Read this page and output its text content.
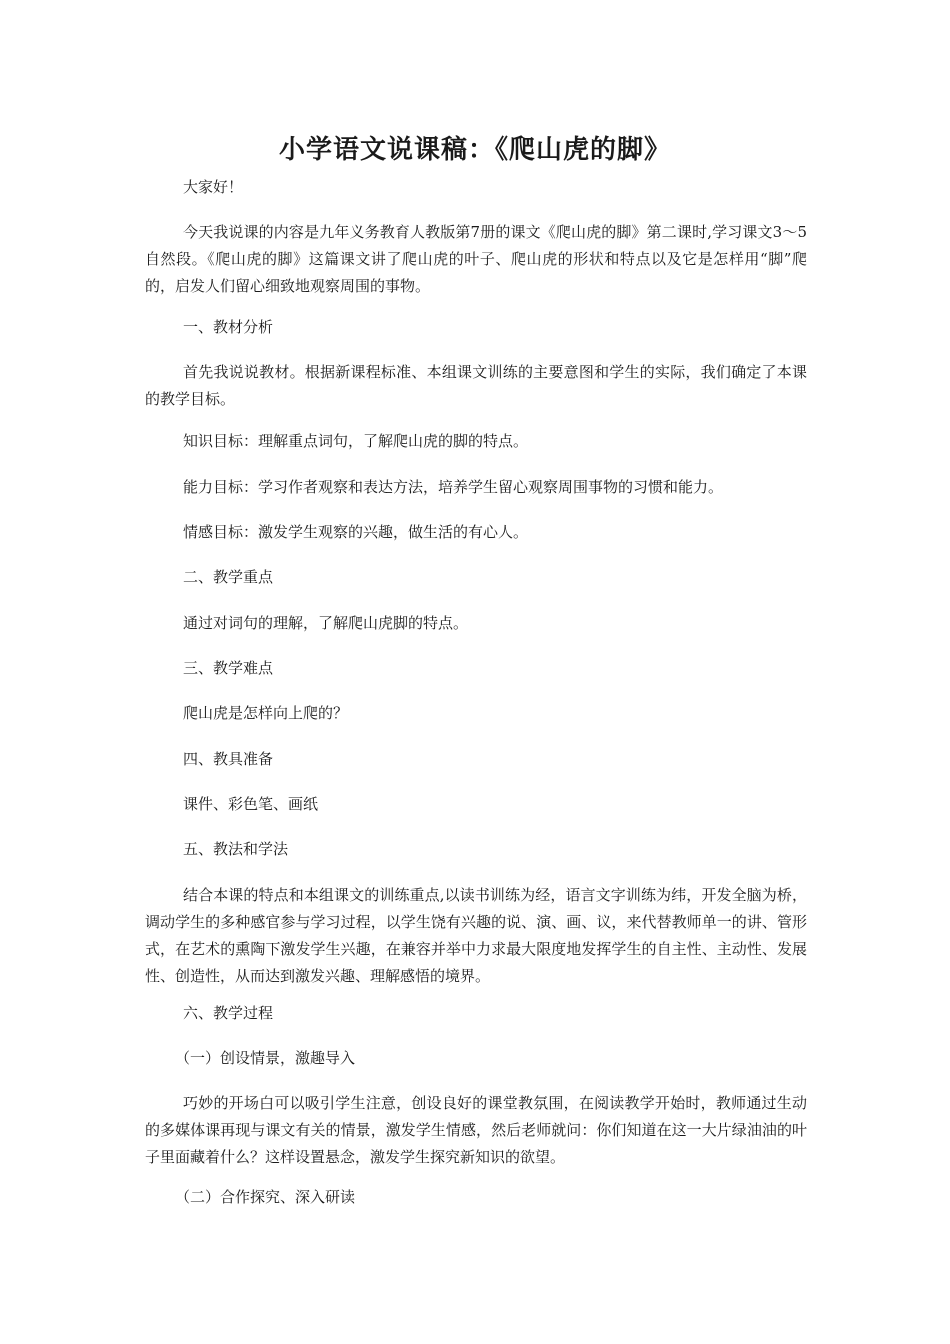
小学语文说课稿：《爬山虎的脚》
大家好！
今天我说课的内容是九年义务教育人教版第7册的课文《爬山虎的脚》第二课时,学习课文3～5自然段。《爬山虎的脚》这篇课文讲了爬山虎的叶子、爬山虎的形状和特点以及它是怎样用“脚”爬的，启发人们留心细致地观察周围的事物。
一、教材分析
首先我说说教材。根据新课程标准、本组课文训练的主要意图和学生的实际，我们确定了本课的教学目标。
知识目标：理解重点词句，了解爬山虎的脚的特点。
能力目标：学习作者观察和表达方法，培养学生留心观察周围事物的习惯和能力。
情感目标：激发学生观察的兴趣，做生活的有心人。
二、教学重点
通过对词句的理解，了解爬山虎脚的特点。
三、教学难点
爬山虎是怎样向上爬的？
四、教具准备
课件、彩色笔、画纸
五、教法和学法
结合本课的特点和本组课文的训练重点,以读书训练为经，语言文字训练为纬，开发全脑为桥，调动学生的多种感官参与学习过程，以学生饶有兴趣的说、演、画、议，来代替教师单一的讲、管形式，在艺术的熏陶下激发学生兴趣，在兼容并举中力求最大限度地发挥学生的自主性、主动性、发展性、创造性，从而达到激发兴趣、理解感悟的境界。
六、教学过程
（一）创设情景，激趣导入
巧妙的开场白可以吸引学生注意，创设良好的课堂教氛围，在阅读教学开始时，教师通过生动的多媒体课再现与课文有关的情景，激发学生情感，然后老师就问：你们知道在这一大片绿油油的叶子里面藏着什么？这样设置悬念，激发学生探究新知识的欲望。
（二）合作探究、深入研读
